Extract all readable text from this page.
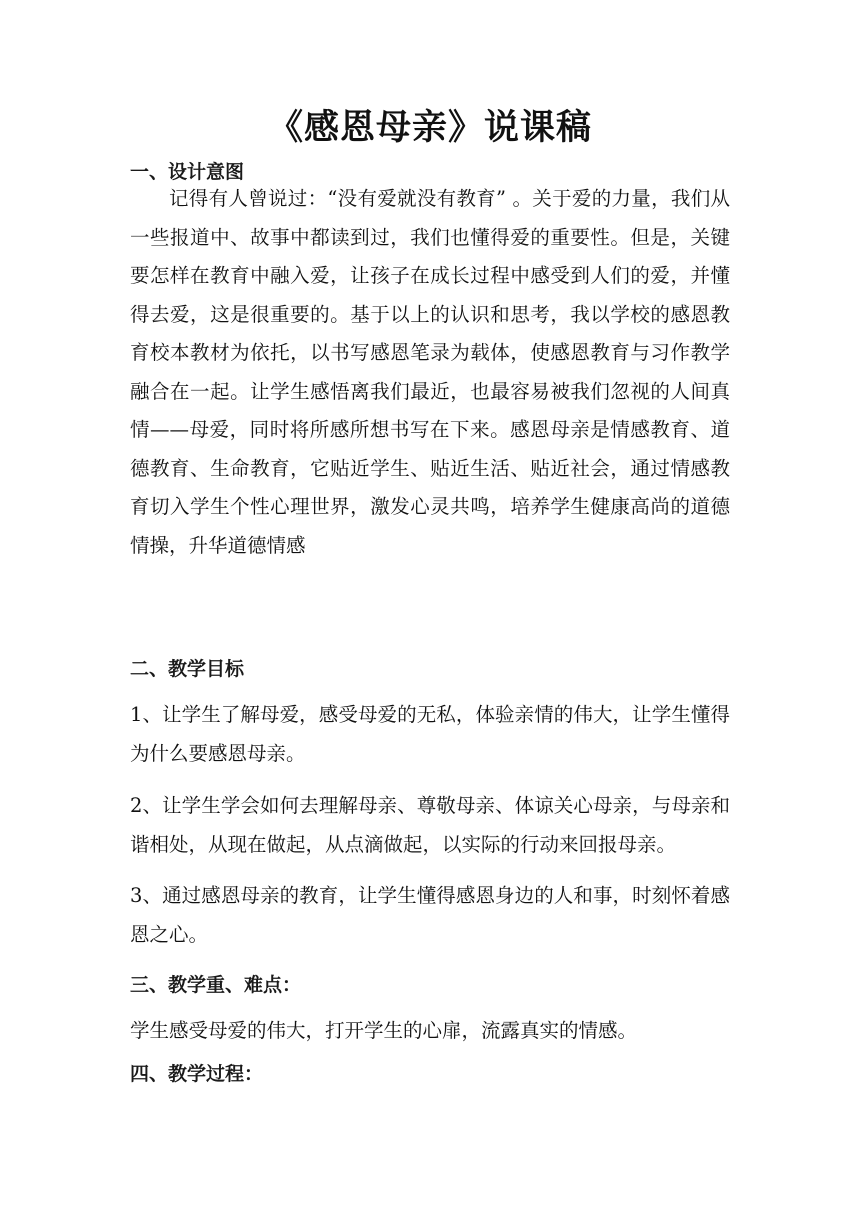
《感恩母亲》说课稿
一、设计意图
记得有人曾说过：“没有爱就没有教育” 。关于爱的力量，我们从一些报道中、故事中都读到过，我们也懂得爱的重要性。但是，关键要怎样在教育中融入爱，让孩子在成长过程中感受到人们的爱，并懂得去爱，这是很重要的。基于以上的认识和思考，我以学校的感恩教育校本教材为依托，以书写感恩笔录为载体，使感恩教育与习作教学融合在一起。让学生感悟离我们最近，也最容易被我们忽视的人间真情——母爱，同时将所感所想书写在下来。感恩母亲是情感教育、道德教育、生命教育，它贴近学生、贴近生活、贴近社会，通过情感教育切入学生个性心理世界，激发心灵共鸣，培养学生健康高尚的道德情操，升华道德情感
二、教学目标
1、让学生了解母爱，感受母爱的无私，体验亲情的伟大，让学生懂得为什么要感恩母亲。
2、让学生学会如何去理解母亲、尊敬母亲、体谅关心母亲，与母亲和谐相处，从现在做起，从点滴做起，以实际的行动来回报母亲。
3、通过感恩母亲的教育，让学生懂得感恩身边的人和事，时刻怀着感恩之心。
三、教学重、难点：
学生感受母爱的伟大，打开学生的心扉，流露真实的情感。
四、教学过程：
